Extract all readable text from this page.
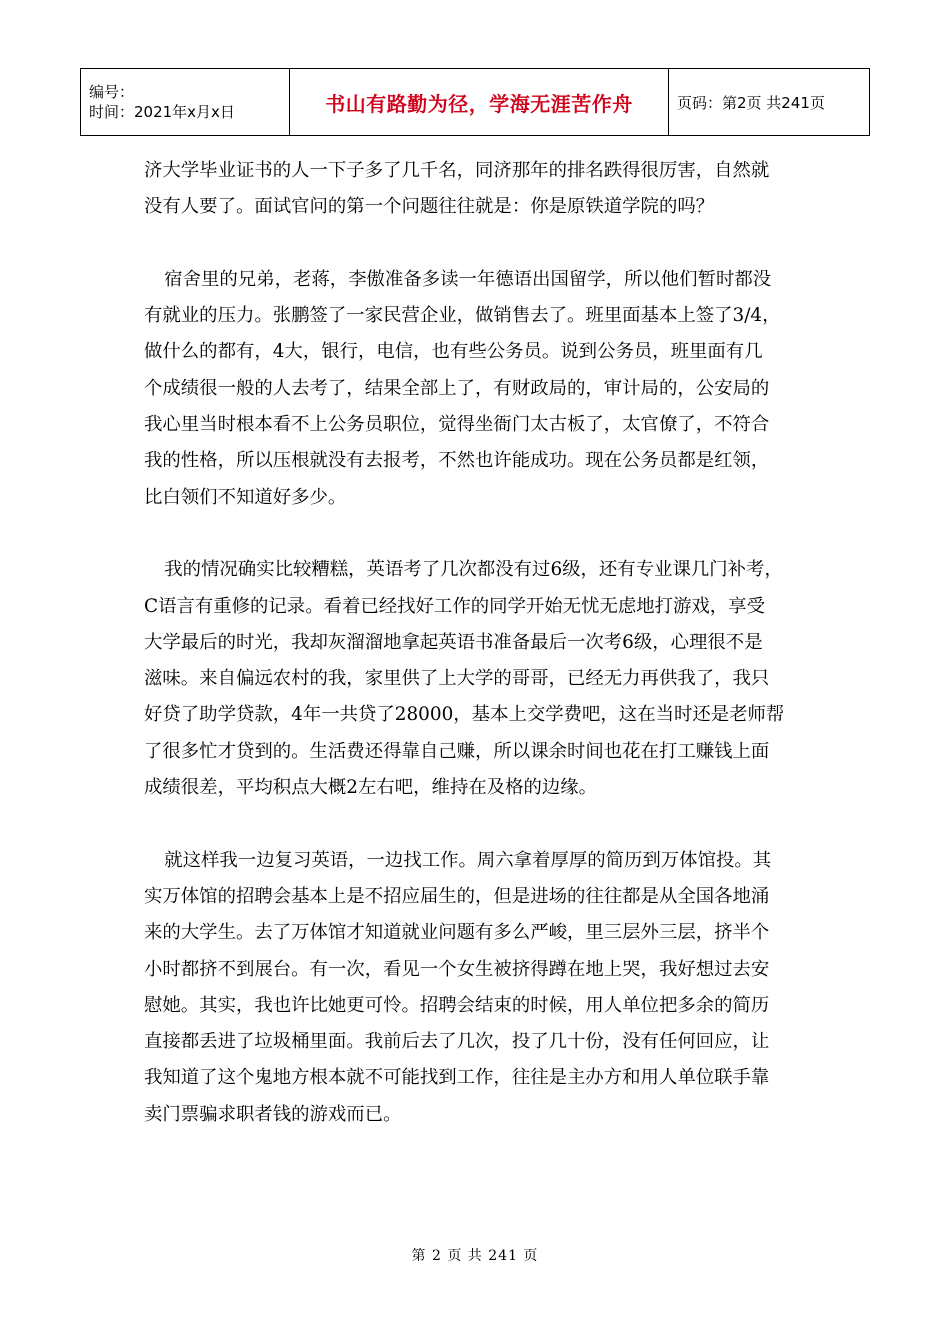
编号：
时间：2021年x月x日	书山有路勤为径，学海无涯苦作舟	页码：第2页 共241页

济大学毕业证书的人一下子多了几千名，同济那年的排名跌得很厉害，自然就
没有人要了。面试官问的第一个问题往往就是：你是原铁道学院的吗？

宿舍里的兄弟，老蒋，李傲准备多读一年德语出国留学，所以他们暂时都没
有就业的压力。张鹏签了一家民营企业，做销售去了。班里面基本上签了3/4，
做什么的都有，4大，银行，电信，也有些公务员。说到公务员，班里面有几
个成绩很一般的人去考了，结果全部上了，有财政局的，审计局的，公安局的
我心里当时根本看不上公务员职位，觉得坐衙门太古板了，太官僚了，不符合
我的性格，所以压根就没有去报考，不然也许能成功。现在公务员都是红领，
比白领们不知道好多少。

我的情况确实比较糟糕，英语考了几次都没有过6级，还有专业课几门补考，
C语言有重修的记录。看着已经找好工作的同学开始无忧无虑地打游戏，享受
大学最后的时光，我却灰溜溜地拿起英语书准备最后一次考6级，心理很不是
滋味。来自偏远农村的我，家里供了上大学的哥哥，已经无力再供我了，我只
好贷了助学贷款，4年一共贷了28000，基本上交学费吧，这在当时还是老师帮
了很多忙才贷到的。生活费还得靠自己赚，所以课余时间也花在打工赚钱上面
成绩很差，平均积点大概2左右吧，维持在及格的边缘。

就这样我一边复习英语，一边找工作。周六拿着厚厚的简历到万体馆投。其
实万体馆的招聘会基本上是不招应届生的，但是进场的往往都是从全国各地涌
来的大学生。去了万体馆才知道就业问题有多么严峻，里三层外三层，挤半个
小时都挤不到展台。有一次，看见一个女生被挤得蹲在地上哭，我好想过去安
慰她。其实，我也许比她更可怜。招聘会结束的时候，用人单位把多余的简历
直接都丢进了垃圾桶里面。我前后去了几次，投了几十份，没有任何回应，让
我知道了这个鬼地方根本就不可能找到工作，往往是主办方和用人单位联手靠
卖门票骗求职者钱的游戏而已。

第 2 页 共 241 页
